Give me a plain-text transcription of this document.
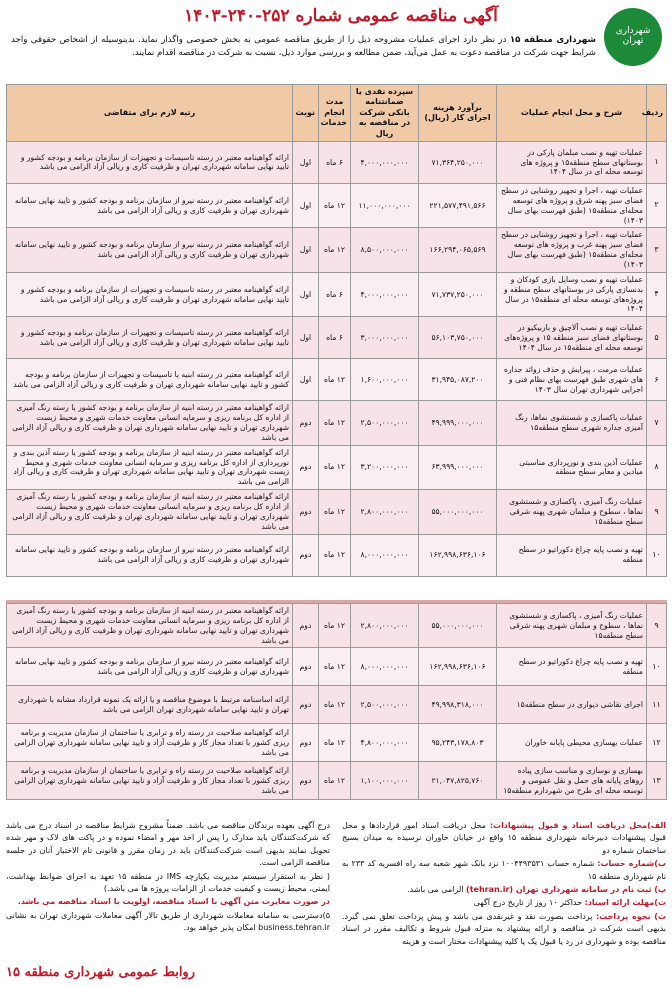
شهرداری تهران
آگهی مناقصه عمومی شماره ۲۵۲-۲۴۰-۱۴۰۳
شهرداری منطقه ۱۵ در نظر دارد اجرای عملیات مشروحه ذیل را از طریق مناقصه عمومی به بخش خصوصی واگذار نماید. بدینوسیله از اشخاص حقوقی واجد شرایط جهت شرکت در مناقصه دعوت به عمل می‌آید، ضمن مطالعه و بررسی موارد ذیل، نسبت به شرکت در مناقصه اقدام نمایند.
ردیف	شرح و محل انجام عملیات	برآورد هزینه اجرای کار (ریال)	سپرده نقدی یا ضمانتنامه بانکی شرکت در مناقصه به ریال	مدت انجام خدمات	نوبت	رتبه لازم برای متقاضی
۱	عملیات تهیه و نصب مبلمان پارکی در بوستانهای سطح منطقه۱۵ و پروژه های توسعه محله ای در سال ۱۴۰۴	۷۱,۳۶۴,۲۵۰,۰۰۰	۴,۰۰۰,۰۰۰,۰۰۰	۶ ماه	اول	ارائه گواهینامه معتبر در رسته تاسیسات و تجهیزات از سازمان برنامه و بودجه کشور و تایید نهایی سامانه شهرداری تهران و ظرفیت کاری و ریالی آزاد الزامی می باشد
۲	عملیات تهیه ، اجرا و تجهیز روشنایی در سطح فضای سبز پهنه شرق و پروژه های توسعه محله‌ای منطقه۱۵ (طبق فهرست بهای سال ۱۴۰۳)	۲۲۱,۵۷۷,۴۹۱,۵۶۶	۱۱,۰۰۰,۰۰۰,۰۰۰	۱۲ ماه	اول	ارائه گواهینامه معتبر در رسته نیرو از سازمان برنامه و بودجه کشور و تایید نهایی سامانه شهرداری تهران و ظرفیت کاری و ریالی آزاد الزامی می باشد
۳	عملیات تهیه ، اجرا و تجهیز روشنایی در سطح فضای سبز پهنه غرب و پروژه های توسعه محله‌ای منطقه۱۵ (طبق فهرست بهای سال ۱۴۰۳)	۱۶۶,۲۹۴,۰۶۵,۵۶۹	۸,۵۰۰,۰۰۰,۰۰۰	۱۲ ماه	اول	ارائه گواهینامه معتبر در رسته نیرو از سازمان برنامه و بودجه کشور و تایید نهایی سامانه شهرداری تهران و ظرفیت کاری و ریالی آزاد الزامی می باشد
۴	عملیات تهیه و نصب وسایل بازی کودکان و بدنسازی پارکی در بوستانهای سطح منطقه و پروژه‌های توسعه محله ای منطقه۱۵ در سال ۱۴۰۴	۷۱,۷۳۷,۲۵۰,۰۰۰	۴,۰۰۰,۰۰۰,۰۰۰	۶ ماه	اول	ارائه گواهینامه معتبر در رسته تاسیسات و تجهیزات از سازمان برنامه و بودجه کشور و تایید نهایی سامانه شهرداری تهران و ظرفیت کاری و ریالی آزاد الزامی می باشد
۵	عملیات تهیه و نصب آلاچیق و باربیکیو در بوستانهای فضای سبز منطقه ۱۵ و پروژه‌های توسعه محله ای منطقه۱۵ در سال ۱۴۰۴	۵۶,۱۰۳,۷۵۰,۰۰۰	۳,۰۰۰,۰۰۰,۰۰۰	۶ ماه	اول	ارائه گواهینامه معتبر در رسته تاسیسات و تجهیزات از سازمان برنامه و بودجه کشور و تایید نهایی سامانه شهرداری تهران و ظرفیت کاری و ریالی آزاد الزامی می باشد
۶	عملیات مرمت ، پیرایش و حذف زوائد جداره های شهری طبق فهرست بهای نظام فنی و اجرایی شهرداری تهران سال ۱۴۰۳	۳۱,۹۴۵,۰۸۷,۲۰۰	۱,۶۰۰,۰۰۰,۰۰۰	۱۲ ماه	اول	ارائه گواهینامه معتبر در رسته ابنیه یا تاسیسات و تجهیزات از سازمان برنامه و بودجه کشور و تایید نهایی سامانه شهرداری تهران و ظرفیت کاری و ریالی آزاد الزامی می باشد
۷	عملیات پاکسازی و شستشوی نماها، رنگ آمیزی جداره شهری سطح منطقه۱۵	۴۹,۹۹۹,۰۰۰,۰۰۰	۲,۵۰۰,۰۰۰,۰۰۰	۱۲ ماه	دوم	ارائه گواهینامه معتبر در رسته ابنیه از سازمان برنامه و بودجه کشور یا رسته رنگ آمیزی از اداره کل برنامه ریزی و سرمایه انسانی معاونت خدمات شهری و محیط زیست شهرداری تهران و تایید نهایی سامانه شهرداری تهران و ظرفیت کاری و ریالی آزاد الزامی می باشد
۸	عملیات آذین بندی و نورپردازی مناسبتی میادین و معابر سطح منطقه	۶۳,۹۹۹,۰۰۰,۰۰۰	۳,۲۰۰,۰۰۰,۰۰۰	۱۲ ماه	دوم	ارائه گواهینامه معتبر در رسته ابنیه از سازمان برنامه و بودجه کشور یا رسته آذین بندی و نورپردازی از اداره کل برنامه ریزی و سرمایه انسانی معاونت خدمات شهری و محیط زیست شهرداری تهران و تایید نهایی سامانه شهرداری تهران و ظرفیت کاری و ریالی آزاد الزامی می باشد
۹	عملیات رنگ آمیزی ، پاکسازی و شستشوی نماها ، سطوح و مبلمان شهری پهنه شرقی سطح منطقه۱۵	۵۵,۰۰۰,۰۰۰,۰۰۰	۲,۸۰۰,۰۰۰,۰۰۰	۱۲ ماه	دوم	ارائه گواهینامه معتبر در رسته ابنیه از سازمان برنامه و بودجه کشور یا رسته رنگ آمیزی از اداره کل برنامه ریزی و سرمایه انسانی معاونت خدمات شهری و محیط زیست شهرداری تهران و تایید نهایی سامانه شهرداری تهران و ظرفیت کاری و ریالی آزاد الزامی می باشد
۱۰	تهیه و نصب پایه چراغ دکوراتیو در سطح منطقه	۱۶۲,۹۹۸,۶۳۶,۱۰۶	۸,۰۰۰,۰۰۰,۰۰۰	۱۲ ماه	دوم	ارائه گواهینامه معتبر در رسته نیرو از سازمان برنامه و بودجه کشور و تایید نهایی سامانه شهرداری تهران و ظرفیت کاری و ریالی آزاد الزامی می باشد
۹	عملیات رنگ آمیزی ، پاکسازی و شستشوی نماها ، سطوح و مبلمان شهری پهنه شرقی سطح منطقه۱۵	۵۵,۰۰۰,۰۰۰,۰۰۰	۲,۸۰۰,۰۰۰,۰۰۰	۱۲ ماه	دوم	ارائه گواهینامه معتبر در رسته ابنیه از سازمان برنامه و بودجه کشور یا رسته رنگ آمیزی از اداره کل برنامه ریزی و سرمایه انسانی معاونت خدمات شهری و محیط زیست شهرداری تهران و تایید نهایی سامانه شهرداری تهران و ظرفیت کاری و ریالی آزاد الزامی می باشد
۱۰	تهیه و نصب پایه چراغ دکوراتیو در سطح منطقه	۱۶۲,۹۹۸,۶۳۶,۱۰۶	۸,۰۰۰,۰۰۰,۰۰۰	۱۲ ماه	دوم	ارائه گواهینامه معتبر در رسته نیرو از سازمان برنامه و بودجه کشور و تایید نهایی سامانه شهرداری تهران و ظرفیت کاری و ریالی آزاد الزامی می باشد
۱۱	اجرای نقاشی دیواری در سطح منطقه۱۵	۴۹,۹۹۸,۳۱۸,۰۰۰	۲,۵۰۰,۰۰۰,۰۰۰	۱۲ ماه	دوم	ارائه اساسنامه مرتبط با موضوع مناقصه و یا ارائه یک نمونه قرارداد مشابه با شهرداری تهران و تایید نهایی سامانه شهرداری تهران الزامی می باشد
۱۲	عملیات بهسازی محیطی پایانه خاوران	۹۵,۲۴۳,۱۷۸,۸۰۳	۴,۸۰۰,۰۰۰,۰۰۰	۱۲ ماه	دوم	ارائه گواهینامه صلاحیت در رسته راه و ترابری یا ساختمان از سازمان مدیریت و برنامه ریزی کشور با تعداد مجاز کار و ظرفیت آزاد و تایید نهایی سامانه شهرداری تهران الزامی می باشد
۱۳	بهسازی و نوسازی و مناسب سازی پیاده روهای پایانه های حمل و نقل عمومی و توسعه محله ای طرح من شهردارم منطقه۱۵	۲۱,۰۴۷,۸۲۵,۷۶۰	۱,۱۰۰,۰۰۰,۰۰۰	۱۲ ماه	دوم	ارائه گواهینامه صلاحیت در رسته راه و ترابری یا ساختمان از سازمان مدیریت و برنامه ریزی کشور با تعداد مجاز کار و ظرفیت آزاد و تایید نهایی سامانه شهرداری تهران الزامی می باشد

الف)محل دریافت اسناد و قبول پیشنهادات: محل دریافت اسناد امور قراردادها و محل قبول پیشنهادات دبیرخانه شهرداری منطقه ۱۵ واقع در خیابان خاوران نرسیده به میدان بسیج ساختمان شماره دو

ب)شماره حساب: شماره حساب ۱۰۰۴۴۹۳۵۳۱ نزد بانک شهر شعبه سه راه افسریه کد ۲۳۳ به نام شهرداری منطقه ۱۵

پ) ثبت نام در سامانه شهرداری تهران (tehran.ir) الزامی می باشد.

ت)مهلت ارائه اسناد: حداکثر ۱۰ روز از تاریخ درج آگهی

ث) نحوه پرداخت: پرداخت بصورت نقد و غیرنقدی می باشد و پیش پرداخت تعلق نمی گیرد. بدیهی است شرکت در مناقصه و ارائه پیشنهاد به منزله قبول شروط و تکالیف مقرر در اسناد مناقصه بوده و شهرداری در رد یا قبول یک یا کلیه پیشنهادات مختار است و هزینه

درج آگهی بعهده برندگان مناقصه می باشد. ضمناً مشروح شرایط مناقصه در اسناد درج می باشد که شرکت‌کنندگان باید مدارک را پس از اخذ مهر و امضاء نموده و در پاکت های لاک و مهر شده تحویل نمایند بدیهی است شرکت‌کنندگان باید در زمان مقرر و قانونی تام الاختیار آنان در جلسه مناقصه الزامی است.

( نظر به استقرار سیستم مدیریت یکپارچه IMS در منطقه ۱۵ تعهد به اجرای ضوابط بهداشت، ایمنی، محیط زیست و کیفیت خدمات از الزامات پروژه ها می باشد.)

در صورت مغایرت متن آگهی با اسناد مناقصه، اولویت با اسناد مناقصه می باشد.

۵)دسترسی به سامانه معاملات شهرداری از طریق تالار آگهی معاملات شهرداری تهران به نشانی business.tehran.ir امکان پذیر خواهد بود.

روابط عمومی شهرداری منطقه ۱۵
